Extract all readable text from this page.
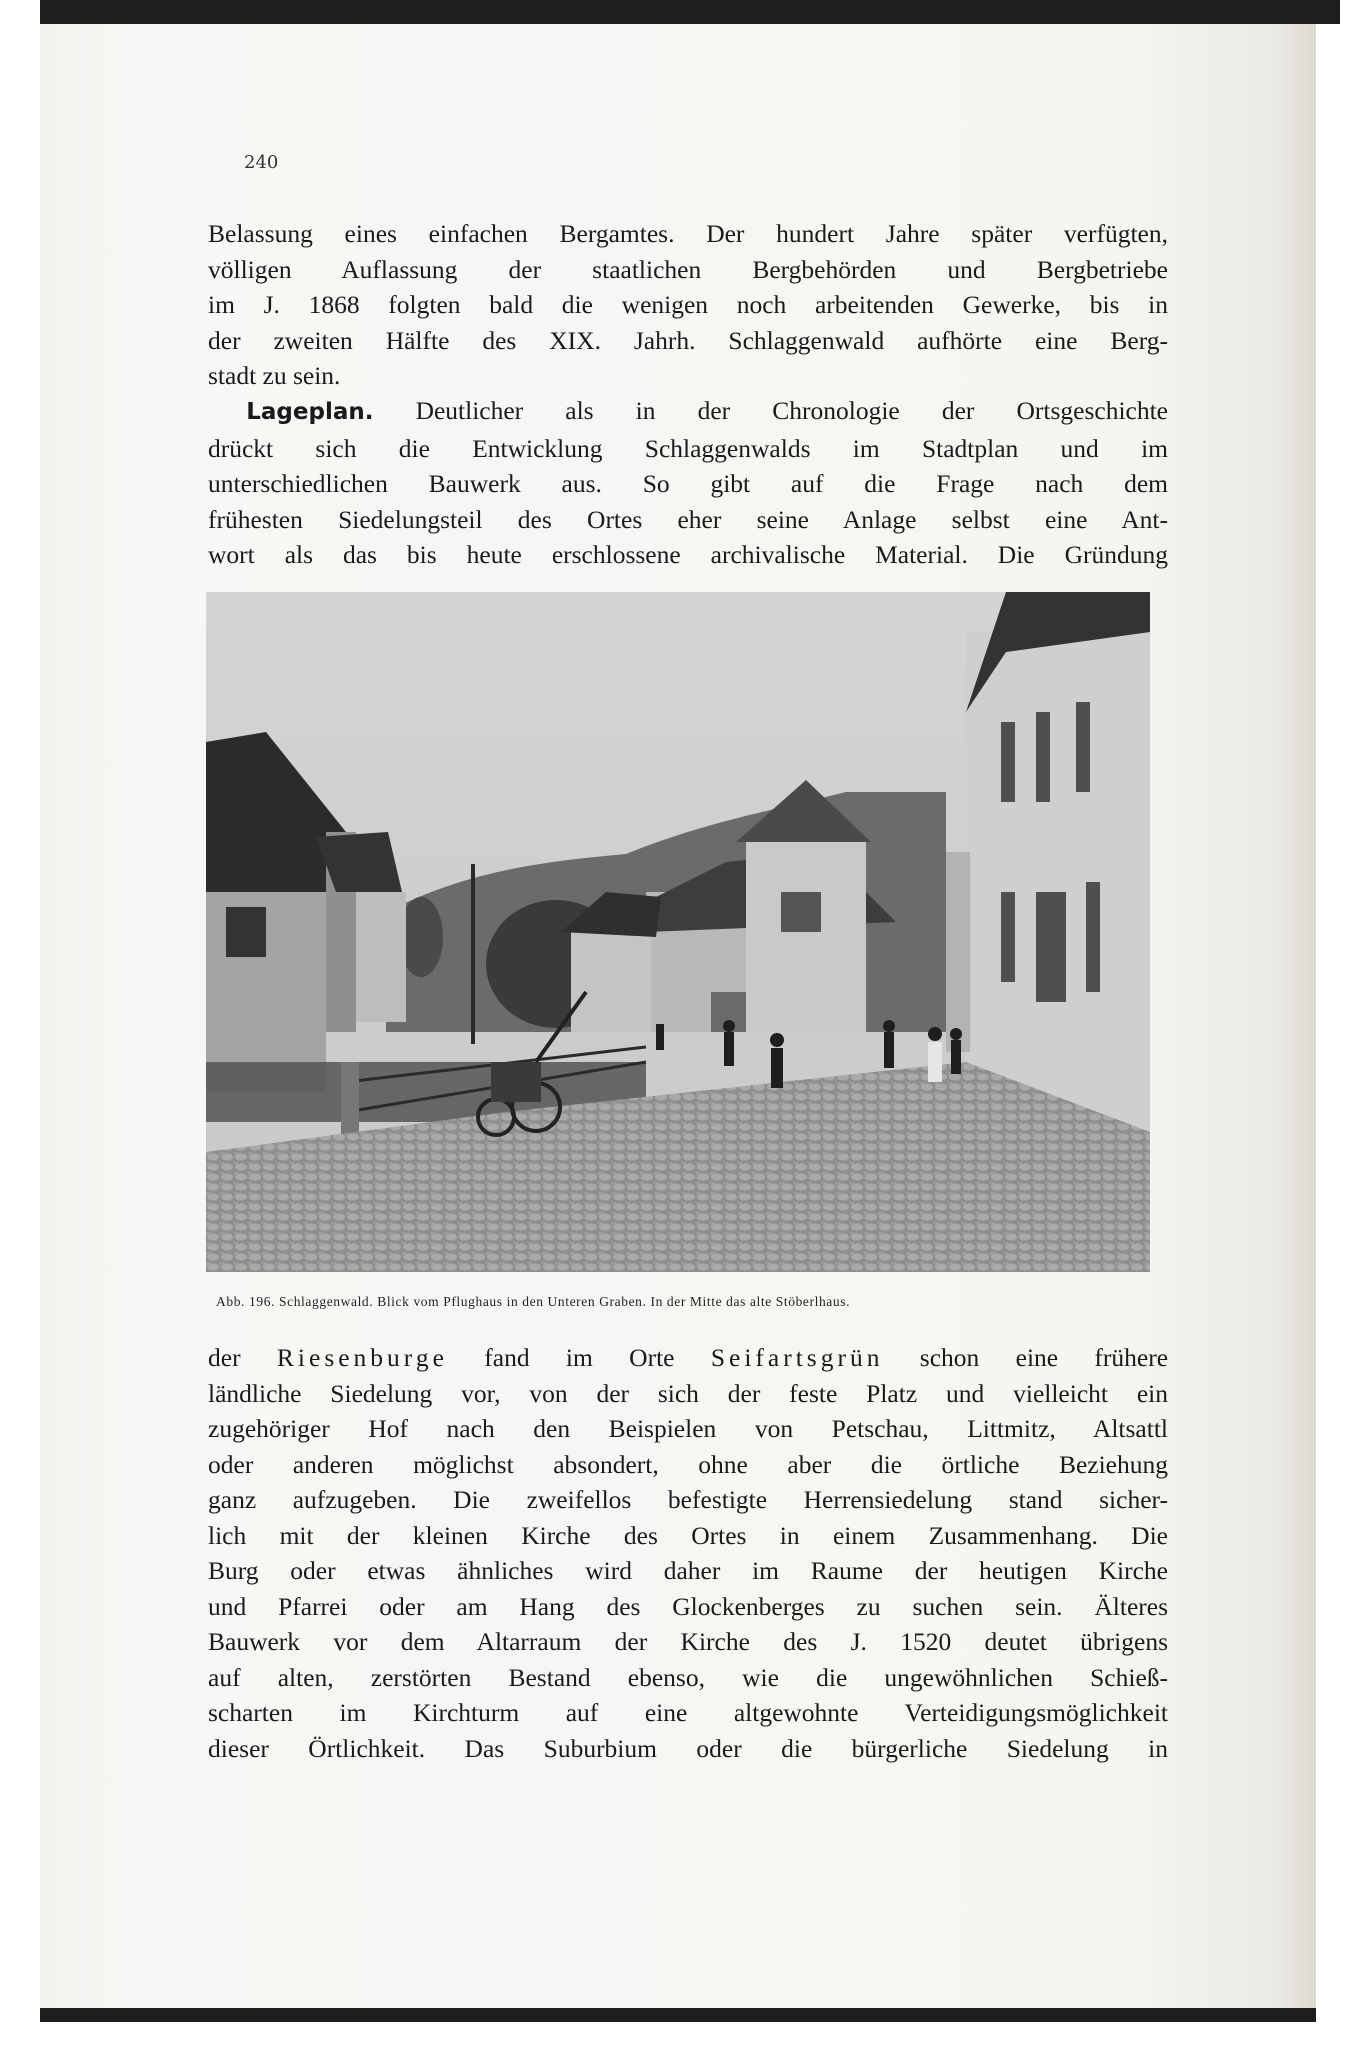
240
Belassung eines einfachen Bergamtes. Der hundert Jahre später verfügten,
völligen Auflassung der staatlichen Bergbehörden und Bergbetriebe
im J. 1868 folgten bald die wenigen noch arbeitenden Gewerke, bis in
der zweiten Hälfte des XIX. Jahrh. Schlaggenwald aufhörte eine Berg-
stadt zu sein.
  Lageplan. Deutlicher als in der Chronologie der Ortsgeschichte
drückt sich die Entwicklung Schlaggenwalds im Stadtplan und im
unterschiedlichen Bauwerk aus. So gibt auf die Frage nach dem
frühesten Siedelungsteil des Ortes eher seine Anlage selbst eine Ant-
wort als das bis heute erschlossene archivalische Material. Die Gründung
Abb. 196. Schlaggenwald. Blick vom Pflughaus in den Unteren Graben. In der Mitte das alte Stöberlhaus.
der Riesenburge fand im Orte Seifartsgrün schon eine frühere
ländliche Siedelung vor, von der sich der feste Platz und vielleicht ein
zugehöriger Hof nach den Beispielen von Petschau, Littmitz, Altsattl
oder anderen möglichst absondert, ohne aber die örtliche Beziehung
ganz aufzugeben. Die zweifellos befestigte Herrensiedelung stand sicher-
lich mit der kleinen Kirche des Ortes in einem Zusammenhang. Die
Burg oder etwas ähnliches wird daher im Raume der heutigen Kirche
und Pfarrei oder am Hang des Glockenberges zu suchen sein. Älteres
Bauwerk vor dem Altarraum der Kirche des J. 1520 deutet übrigens
auf alten, zerstörten Bestand ebenso, wie die ungewöhnlichen Schieß-
scharten im Kirchturm auf eine altgewohnte Verteidigungsmöglichkeit
dieser Örtlichkeit. Das Suburbium oder die bürgerliche Siedelung in
